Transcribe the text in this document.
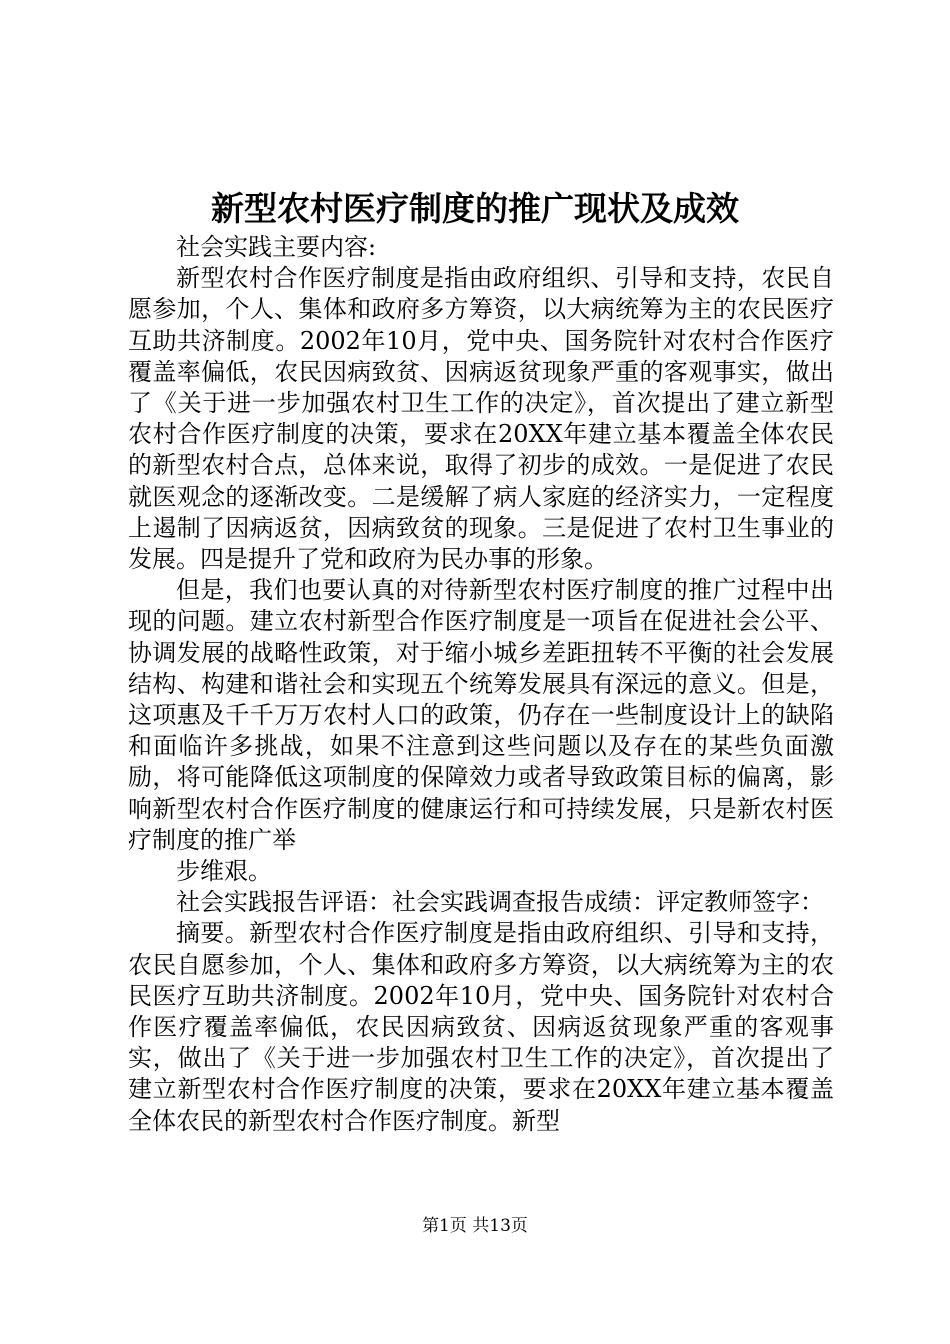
新型农村医疗制度的推广现状及成效

社会实践主要内容:

新型农村合作医疗制度是指由政府组织、引导和支持，农民自愿参加，个人、集体和政府多方筹资，以大病统筹为主的农民医疗互助共济制度。2002年10月，党中央、国务院针对农村合作医疗覆盖率偏低，农民因病致贫、因病返贫现象严重的客观事实，做出了《关于进一步加强农村卫生工作的决定》，首次提出了建立新型农村合作医疗制度的决策，要求在20XX年建立基本覆盖全体农民的新型农村合点，总体来说，取得了初步的成效。一是促进了农民就医观念的逐渐改变。二是缓解了病人家庭的经济实力，一定程度上遏制了因病返贫，因病致贫的现象。三是促进了农村卫生事业的发展。四是提升了党和政府为民办事的形象。

但是，我们也要认真的对待新型农村医疗制度的推广过程中出现的问题。建立农村新型合作医疗制度是一项旨在促进社会公平、协调发展的战略性政策，对于缩小城乡差距扭转不平衡的社会发展结构、构建和谐社会和实现五个统筹发展具有深远的意义。但是，这项惠及千千万万农村人口的政策，仍存在一些制度设计上的缺陷和面临许多挑战，如果不注意到这些问题以及存在的某些负面激励，将可能降低这项制度的保障效力或者导致政策目标的偏离，影响新型农村合作医疗制度的健康运行和可持续发展，只是新农村医疗制度的推广举

步维艰。

社会实践报告评语：社会实践调查报告成绩：评定教师签字：

摘要。新型农村合作医疗制度是指由政府组织、引导和支持，农民自愿参加，个人、集体和政府多方筹资，以大病统筹为主的农民医疗互助共济制度。2002年10月，党中央、国务院针对农村合作医疗覆盖率偏低，农民因病致贫、因病返贫现象严重的客观事实，做出了《关于进一步加强农村卫生工作的决定》，首次提出了建立新型农村合作医疗制度的决策，要求在20XX年建立基本覆盖全体农民的新型农村合作医疗制度。新型

第1页 共13页
